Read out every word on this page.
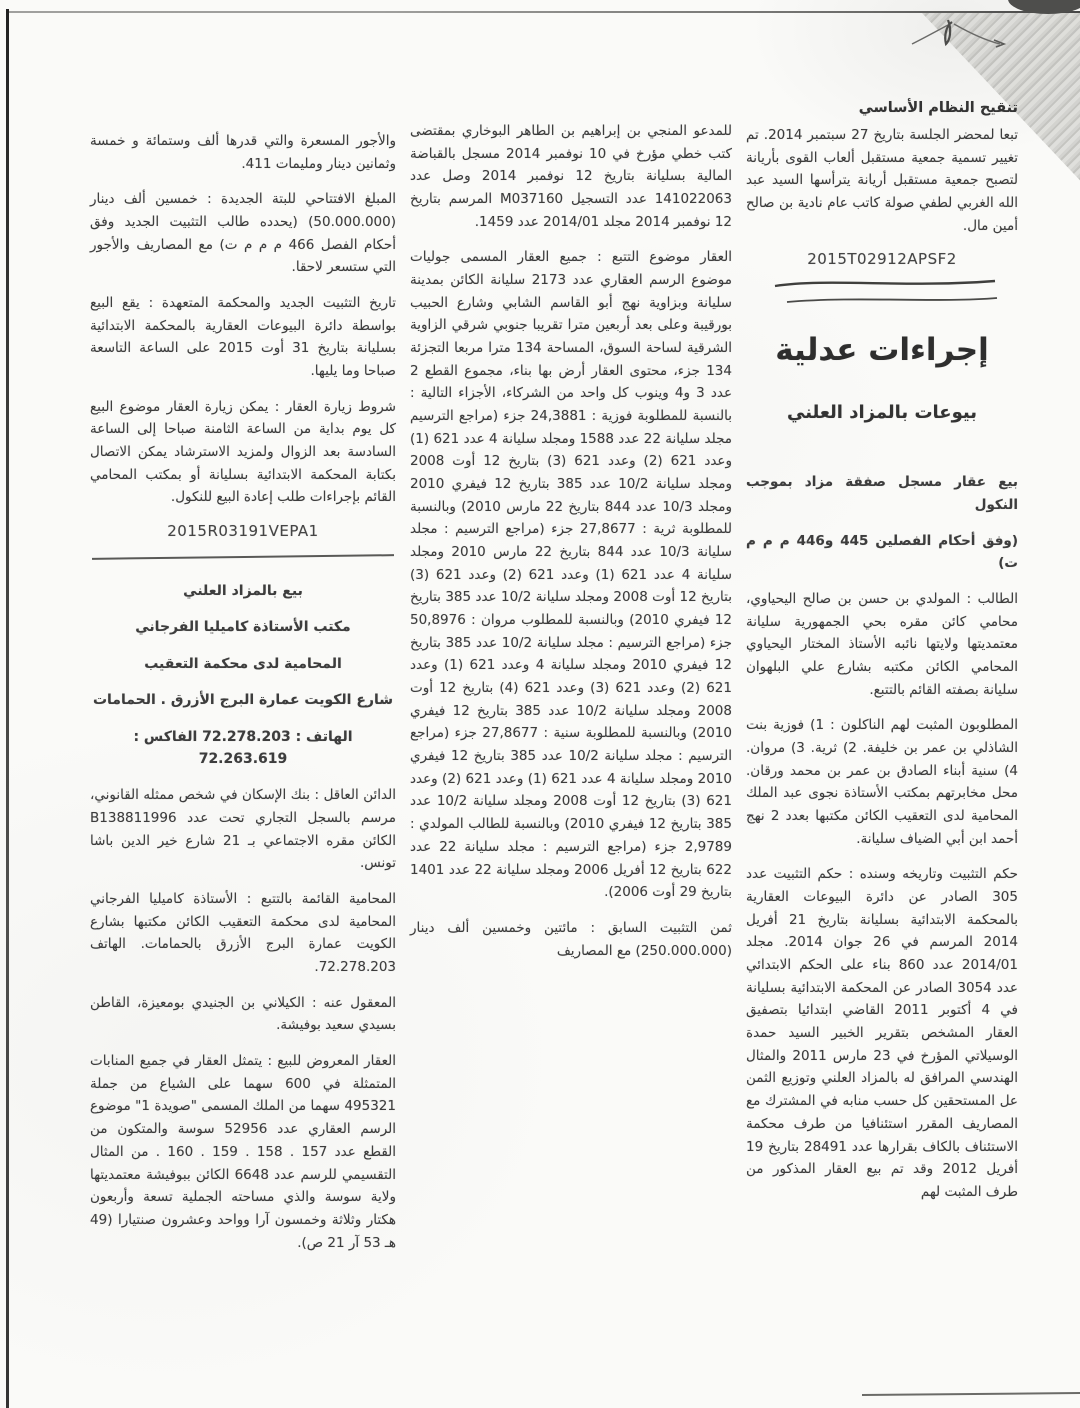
تنقيح النظام الأساسي

تبعا لمحضر الجلسة بتاريخ 27 سبتمبر 2014. تم تغيير تسمية جمعية مستقبل ألعاب القوى بأريانة لتصبح جمعية مستقبل أريانة يترأسها السيد عبد الله الغربي لطفي صولة كاتب عام نادية بن صالح أمين مال.

2015T02912APSF2
إجراءات عدلية
بيوعات بالمزاد العلني

بيع عقار مسجل صفقة مزاد بموجب النكول

(وفق أحكام الفصلين 445 و446 م م م ت)

الطالب : المولدي بن حسن بن صالح اليحياوي، محامي كائن مقره بحي الجمهورية سليانة معتمديتها ولايتها نائبه الأستاذ المختار اليحياوي المحامي الكائن مكتبه بشارع علي البلهوان سليانة بصفته القائم بالتتبع.

المطلوبون المثبت لهم الناكلون : 1) فوزية بنت الشاذلي بن عمر بن خليفة. 2) ثرية. 3) مروان. 4) سنية أبناء الصادق بن عمر بن محمد ورقان. محل مخابرتهم بمكتب الأستاذة نجوى عبد الملك المحامية لدى التعقيب الكائن مكتبها بعدد 2 نهج أحمد ابن أبي الضياف سليانة.

حكم التثبيت وتاريخه وسنده : حكم التثبيت عدد 305 الصادر عن دائرة البيوعات العقارية بالمحكمة الابتدائية بسليانة بتاريخ 21 أفريل 2014 المرسم في 26 جوان 2014. مجلد 2014/01 عدد 860 بناء على الحكم الابتدائي عدد 3054 الصادر عن المحكمة الابتدائية بسليانة في 4 أكتوبر 2011 القاضي ابتدائيا بتصفيق العقار المشخص بتقرير الخبير السيد حمدة الوسيلاتي المؤرخ في 23 مارس 2011 والمثال الهندسي المرافق له بالمزاد العلني وتوزيع الثمن عل المستحقين كل حسب منابه في المشترك مع المصاريف المقرر استئنافيا من طرف محكمة الاستئناف بالكاف بقرارها عدد 28491 بتاريخ 19 أفريل 2012 وقد تم بيع العقار المذكور من طرف المثبت لهم

للمدعو المنجي بن إبراهيم بن الطاهر البوخاري بمقتضى كتب خطي مؤرخ في 10 نوفمبر 2014 مسجل بالقباضة المالية بسليانة بتاريخ 12 نوفمبر 2014 وصل عدد 141022063 عدد التسجيل M037160 المرسم بتاريخ 12 نوفمبر 2014 مجلد 2014/01 عدد 1459.

العقار موضوع التتبع : جميع العقار المسمى جوليات موضوع الرسم العقاري عدد 2173 سليانة الكائن بمدينة سليانة وبزاوية نهج أبو القاسم الشابي وشارع الحبيب بورقيبة وعلى بعد أربعين مترا تقريبا جنوبي شرقي الزاوية الشرقية لساحة السوق، المساحة 134 مترا مربعا التجزئة 134 جزء، محتوى العقار أرض بها بناء، مجموع القطع 2 عدد 3 و4 وينوب كل واحد من الشركاء، الأجزاء التالية : بالنسبة للمطلوبة فوزية : 24,3881 جزء (مراجع الترسيم مجلد سليانة 22 عدد 1588 ومجلد سليانة 4 عدد 621 (1) وعدد 621 (2) وعدد 621 (3) بتاريخ 12 أوت 2008 ومجلد سليانة 10/2 عدد 385 بتاريخ 12 فيفري 2010 ومجلد 10/3 عدد 844 بتاريخ 22 مارس 2010) وبالنسبة للمطلوبة ثرية : 27,8677 جزء (مراجع الترسيم : مجلد سليانة 10/3 عدد 844 بتاريخ 22 مارس 2010 ومجلد سليانة 4 عدد 621 (1) وعدد 621 (2) وعدد 621 (3) بتاريخ 12 أوت 2008 ومجلد سليانة 10/2 عدد 385 بتاريخ 12 فيفري 2010) وبالنسبة للمطلوب مروان : 50,8976 جزء (مراجع الترسيم : مجلد سليانة 10/2 عدد 385 بتاريخ 12 فيفري 2010 ومجلد سليانة 4 وعدد 621 (1) وعدد 621 (2) وعدد 621 (3) وعدد 621 (4) بتاريخ 12 أوت 2008 ومجلد سليانة 10/2 عدد 385 بتاريخ 12 فيفري 2010) وبالنسبة للمطلوبة سنية : 27,8677 جزء (مراجع الترسيم : مجلد سليانة 10/2 عدد 385 بتاريخ 12 فيفري 2010 ومجلد سليانة 4 عدد 621 (1) وعدد 621 (2) وعدد 621 (3) بتاريخ 12 أوت 2008 ومجلد سليانة 10/2 عدد 385 بتاريخ 12 فيفري 2010) وبالنسبة للطالب المولدي : 2,9789 جزء (مراجع الترسيم : مجلد سليانة 22 عدد 622 بتاريخ 12 أفريل 2006 ومجلد سليانة 22 عدد 1401 بتاريخ 29 أوت 2006).

ثمن التثبيت السابق : مائتين وخمسين ألف دينار (250.000.000) مع المصاريف

والأجور المسعرة والتي قدرها ألف وستمائة و خمسة وثمانين دينار ومليمات 411.

المبلغ الافتتاحي للبتة الجديدة : خمسين ألف دينار (50.000.000) (يحدده طالب التثبيت الجديد وفق أحكام الفصل 466 م م م ت) مع المصاريف والأجور التي ستسعر لاحقا.

تاريخ التثبيت الجديد والمحكمة المتعهدة : يقع البيع بواسطة دائرة البيوعات العقارية بالمحكمة الابتدائية بسليانة بتاريخ 31 أوت 2015 على الساعة التاسعة صباحا وما يليها.

شروط زيارة العقار : يمكن زيارة العقار موضوع البيع كل يوم بداية من الساعة الثامنة صباحا إلى الساعة السادسة بعد الزوال ولمزيد الاسترشاد يمكن الاتصال بكتابة المحكمة الابتدائية بسليانة أو بمكتب المحامي القائم بإجراءات طلب إعادة البيع للنكول.

2015R03191VEPA1
بيع بالمزاد العلني
مكتب الأستاذة كاميليا الفرجاني
المحامية لدى محكمة التعقيب
شارع الكويت عمارة البرج الأزرق . الحمامات
الهاتف : 72.278.203 الفاكس : 72.263.619

الدائن العاقل : بنك الإسكان في شخص ممثله القانوني، مرسم بالسجل التجاري تحت عدد B138811996 الكائن مقره الاجتماعي بـ 21 شارع خير الدين باشا تونس.

المحامية القائمة بالتتبع : الأستاذة كاميليا الفرجاني المحامية لدى محكمة التعقيب الكائن مكتبها بشارع الكويت عمارة البرج الأزرق بالحمامات. الهاتف 72.278.203.

المعقول عنه : الكيلاني بن الجنيدي بومعيزة، القاطن بسيدي سعيد بوفيشة.

العقار المعروض للبيع : يتمثل العقار في جميع المنابات المتمثلة في 600 سهما على الشياع من جملة 495321 سهما من الملك المسمى "صويدة 1" موضوع الرسم العقاري عدد 52956 سوسة والمتكون من القطع عدد 157 . 158 . 159 . 160 . من المثال التقسيمي للرسم عدد 6648 الكائن ببوفيشة معتمديتها ولاية سوسة والذي مساحته الجملية تسعة وأربعون هكتار وثلاثة وخمسون آرا وواحد وعشرون صنتيارا (49 هـ 53 آر 21 ص).
